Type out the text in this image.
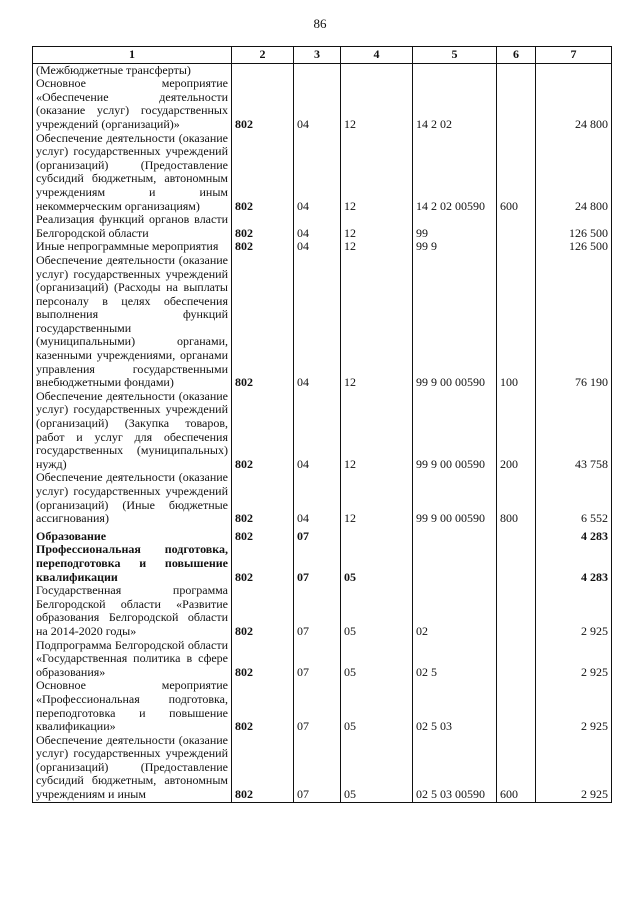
86
1	2	3	4	5	6	7
(Межбюджетные трансферты)						
Основное мероприятие «Обеспечение деятельности (оказание услуг) государственных учреждений (организаций)»	802	04	12	14 2 02		24 800
Обеспечение деятельности (оказание услуг) государственных учреждений (организаций) (Предоставление субсидий бюджетным, автономным учреждениям и иным некоммерческим организациям)	802	04	12	14 2 02 00590	600	24 800
Реализация функций органов власти Белгородской области	802	04	12	99		126 500
Иные непрограммные мероприятия	802	04	12	99 9		126 500
Обеспечение деятельности (оказание услуг) государственных учреждений (организаций) (Расходы на выплаты персоналу в целях обеспечения выполнения функций государственными (муниципальными) органами, казенными учреждениями, органами управления государственными внебюджетными фондами)	802	04	12	99 9 00 00590	100	76 190
Обеспечение деятельности (оказание услуг) государственных учреждений (организаций) (Закупка товаров, работ и услуг для обеспечения государственных (муниципальных) нужд)	802	04	12	99 9 00 00590	200	43 758
Обеспечение деятельности (оказание услуг) государственных учреждений (организаций) (Иные бюджетные ассигнования)	802	04	12	99 9 00 00590	800	6 552
Образование	802	07				4 283
Профессиональная подготовка, переподготовка и повышение квалификации	802	07	05			4 283
Государственная программа Белгородской области «Развитие образования Белгородской области на 2014-2020 годы»	802	07	05	02		2 925
Подпрограмма Белгородской области «Государственная политика в сфере образования»	802	07	05	02 5		2 925
Основное мероприятие «Профессиональная подготовка, переподготовка и повышение квалификации»	802	07	05	02 5 03		2 925
Обеспечение деятельности (оказание услуг) государственных учреждений (организаций) (Предоставление субсидий бюджетным, автономным учреждениям и иным	802	07	05	02 5 03 00590	600	2 925
